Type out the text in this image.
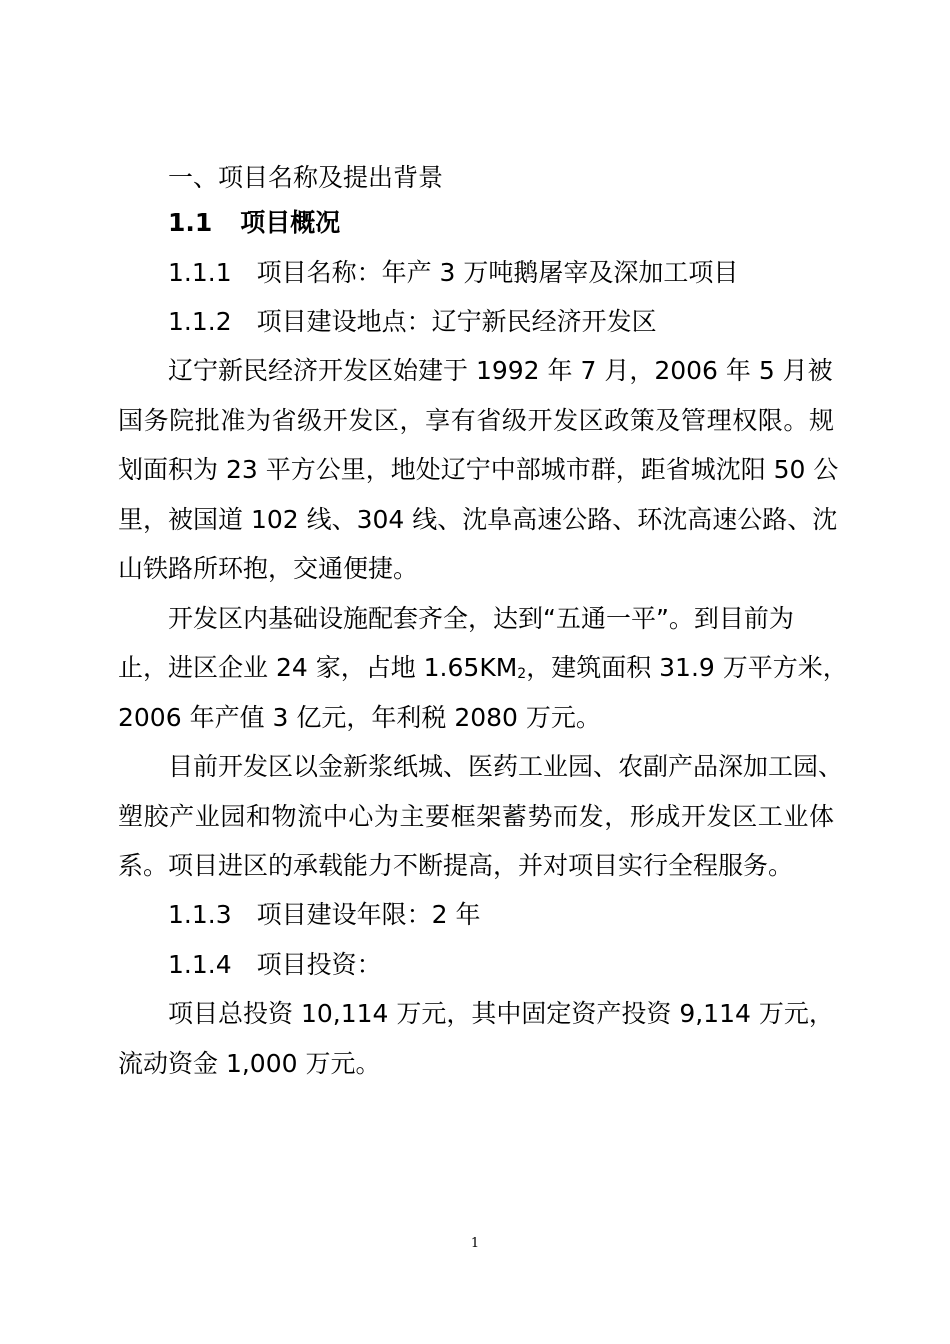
一、项目名称及提出背景
1.1 项目概况
1.1.1　项目名称：年产 3 万吨鹅屠宰及深加工项目
1.1.2　项目建设地点：辽宁新民经济开发区
辽宁新民经济开发区始建于 1992 年 7 月，2006 年 5 月被
国务院批准为省级开发区，享有省级开发区政策及管理权限。规
划面积为 23 平方公里，地处辽宁中部城市群，距省城沈阳 50 公
里，被国道 102 线、304 线、沈阜高速公路、环沈高速公路、沈
山铁路所环抱，交通便捷。
开发区内基础设施配套齐全，达到“五通一平”。到目前为
止，进区企业 24 家，占地 1.65KM2，建筑面积 31.9 万平方米，
2006 年产值 3 亿元，年利税 2080 万元。
目前开发区以金新浆纸城、医药工业园、农副产品深加工园、
塑胶产业园和物流中心为主要框架蓄势而发，形成开发区工业体
系。项目进区的承载能力不断提高，并对项目实行全程服务。
1.1.3　项目建设年限：2 年
1.1.4　项目投资：
项目总投资 10,114 万元，其中固定资产投资 9,114 万元，
流动资金 1,000 万元。
1
